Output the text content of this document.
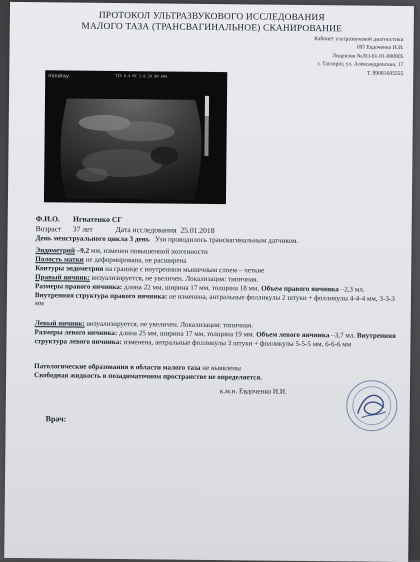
ПРОТОКОЛ УЛЬТРАЗВУКОВОГО ИССЛЕДОВАНИЯ
МАЛОГО ТАЗА (ТРАНСВАГИНАЛЬНОЕ) СКАНИРОВАНИЕ
Кабинет ультразвуковой диагностики
ИП Евдоченко И.И.
Лицензия №ЛО-61-01-000905
г. Таганрог, ул. Александровская, 17
Т. 89081695555
mindray	TIS 0.4 MI 1.0 2D GN 60%
Ф.И.О. Игнатенко СГ
Возраст 37 лет	Дата исследования 25.01.2018
День менструального цикла 3 день Узи проводилось трансвагинальным датчиком.
Эндометрий –9,2 мм, изменен повышенной эхогенности
Полость матки не деформирована, не расширена
Контуры эндометрия на границе с внутренним мышечным слоем – четкие
Правый яичник: визуализируется, не увеличен. Локализация: типичная.
Размеры правого яичника: длина 22 мм, ширина 17 мм, толщина 18 мм. Объем правого яичника –2,3 мл. Внутренняя структура правого яичника: не изменена, антральные фолликулы 2 штуки + фолликулы 4-4-4 мм, 3-3-3 мм
Левый яичник: визуализируется, не увеличен. Локализация: типичная.
Размеры левого яичника: длина 25 мм, ширина 17 мм, толщина 19 мм. Объем левого яичника –3,7 мл. Внутренняя структура левого яичника: изменена, антральные фолликулы 3 штуки + фолликулы 5-5-5 мм, 6-6-6 мм
Патологические образования в области малого таза не выявлены
Свободная жидкость в позадиматочном пространстве не определяется.
к.м.н. Евдоченко И.И.
Врач:
